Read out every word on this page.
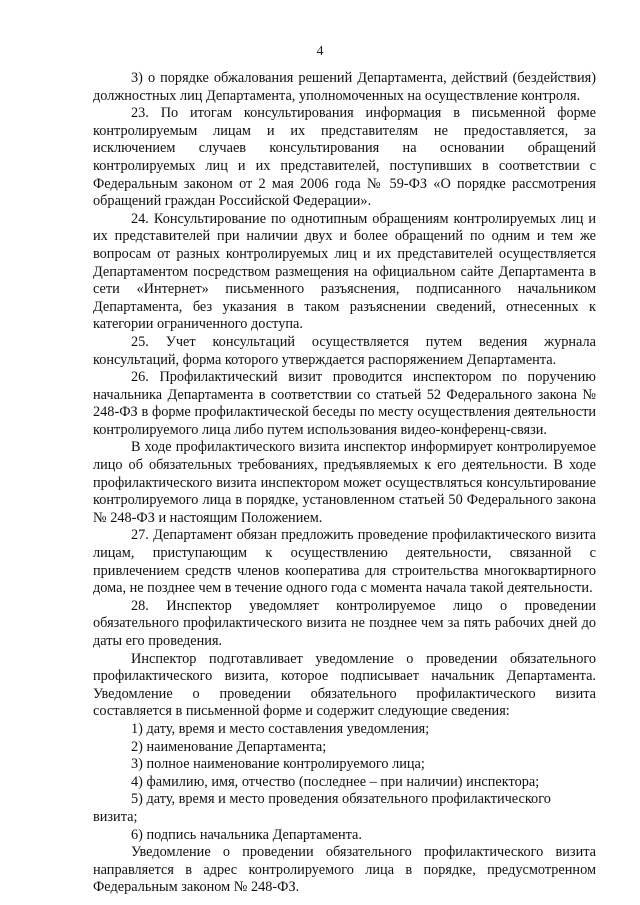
4

3) о порядке обжалования решений Департамента, действий (бездействия) должностных лиц Департамента, уполномоченных на осуществление контроля.

23. По итогам консультирования информация в письменной форме контролируемым лицам и их представителям не предоставляется, за исключением случаев консультирования на основании обращений контролируемых лиц и их представителей, поступивших в соответствии с Федеральным законом от 2 мая 2006 года № 59-ФЗ «О порядке рассмотрения обращений граждан Российской Федерации».

24. Консультирование по однотипным обращениям контролируемых лиц и их представителей при наличии двух и более обращений по одним и тем же вопросам от разных контролируемых лиц и их представителей осуществляется Департаментом посредством размещения на официальном сайте Департамента в сети «Интернет» письменного разъяснения, подписанного начальником Департамента, без указания в таком разъяснении сведений, отнесенных к категории ограниченного доступа.

25. Учет консультаций осуществляется путем ведения журнала консультаций, форма которого утверждается распоряжением Департамента.

26. Профилактический визит проводится инспектором по поручению начальника Департамента в соответствии со статьей 52 Федерального закона № 248-ФЗ в форме профилактической беседы по месту осуществления деятельности контролируемого лица либо путем использования видео-конференц-связи.

В ходе профилактического визита инспектор информирует контролируемое лицо об обязательных требованиях, предъявляемых к его деятельности. В ходе профилактического визита инспектором может осуществляться консультирование контролируемого лица в порядке, установленном статьей 50 Федерального закона № 248-ФЗ и настоящим Положением.

27. Департамент обязан предложить проведение профилактического визита лицам, приступающим к осуществлению деятельности, связанной с привлечением средств членов кооператива для строительства многоквартирного дома, не позднее чем в течение одного года с момента начала такой деятельности.

28. Инспектор уведомляет контролируемое лицо о проведении обязательного профилактического визита не позднее чем за пять рабочих дней до даты его проведения.

Инспектор подготавливает уведомление о проведении обязательного профилактического визита, которое подписывает начальник Департамента. Уведомление о проведении обязательного профилактического визита составляется в письменной форме и содержит следующие сведения:

1) дату, время и место составления уведомления;

2) наименование Департамента;

3) полное наименование контролируемого лица;

4) фамилию, имя, отчество (последнее – при наличии) инспектора;

5) дату, время и место проведения обязательного профилактического визита;

6) подпись начальника Департамента.

Уведомление о проведении обязательного профилактического визита направляется в адрес контролируемого лица в порядке, предусмотренном Федеральным законом № 248-ФЗ.
